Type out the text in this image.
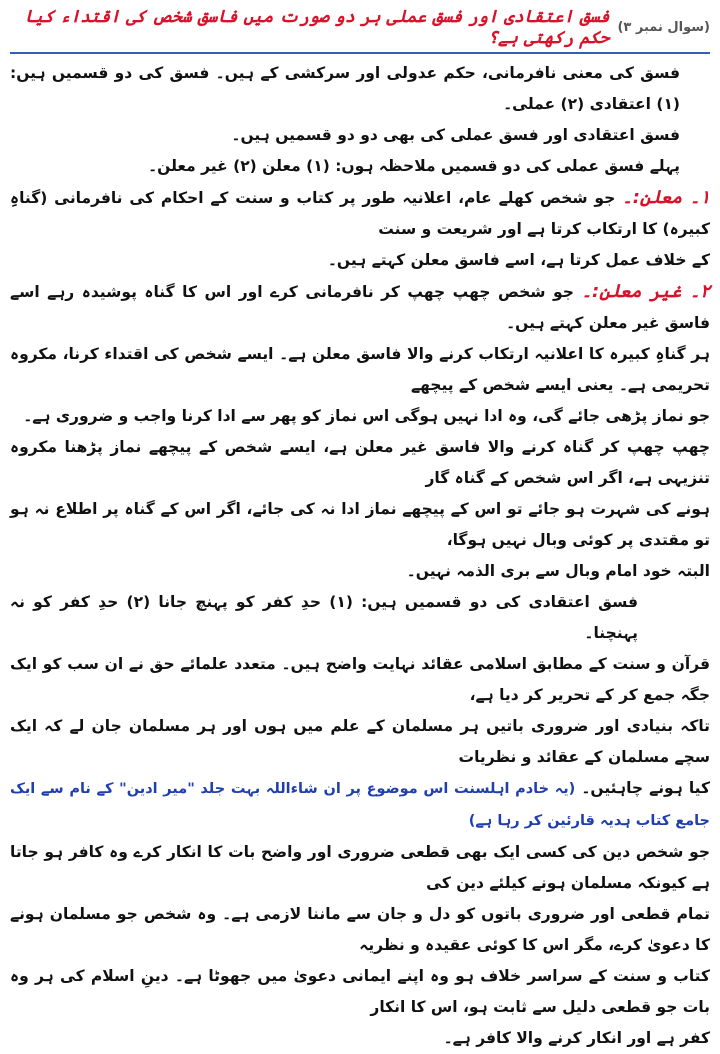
(سوال نمبر ۳)
فسق اعتقادی اور فسق عملی ہر دو صورت میں فاسق شخص کی اقتداء کیا حکم رکھتی ہے؟

فسق کی معنی نافرمانی، حکم عدولی اور سرکشی کے ہیں۔ فسق کی دو قسمیں ہیں: (۱) اعتقادی (۲) عملی۔

فسق اعتقادی اور فسق عملی کی بھی دو دو قسمیں ہیں۔

پہلے فسق عملی کی دو قسمیں ملاحظہ ہوں: (۱) معلن (۲) غیر معلن۔

۱۔ معلن:۔ جو شخص کھلے عام، اعلانیہ طور پر کتاب و سنت کے احکام کی نافرمانی (گناہِ کبیرہ) کا ارتکاب کرتا ہے اور شریعت و سنت

کے خلاف عمل کرتا ہے، اسے فاسق معلن کہتے ہیں۔

۲۔ غیر معلن:۔ جو شخص چھپ چھپ کر نافرمانی کرے اور اس کا گناہ پوشیدہ رہے اسے فاسق غیر معلن کہتے ہیں۔

ہر گناہِ کبیرہ کا اعلانیہ ارتکاب کرنے والا فاسق معلن ہے۔ ایسے شخص کی اقتداء کرنا، مکروہ تحریمی ہے۔ یعنی ایسے شخص کے پیچھے

جو نماز پڑھی جائے گی، وہ ادا نہیں ہوگی اس نماز کو پھر سے ادا کرنا واجب و ضروری ہے۔

چھپ چھپ کر گناہ کرنے والا فاسق غیر معلن ہے، ایسے شخص کے پیچھے نماز پڑھنا مکروہ تنزیہی ہے، اگر اس شخص کے گناہ گار

ہونے کی شہرت ہو جائے تو اس کے پیچھے نماز ادا نہ کی جائے، اگر اس کے گناہ پر اطلاع نہ ہو تو مقتدی پر کوئی وبال نہیں ہوگا،

البتہ خود امام وبال سے بری الذمہ نہیں۔

فسق اعتقادی کی دو قسمیں ہیں: (۱) حدِ کفر کو پہنچ جانا (۲) حدِ کفر کو نہ پہنچنا۔

قرآن و سنت کے مطابق اسلامی عقائد نہایت واضح ہیں۔ متعدد علمائے حق نے ان سب کو ایک جگہ جمع کر کے تحریر کر دیا ہے،

تاکہ بنیادی اور ضروری باتیں ہر مسلمان کے علم میں ہوں اور ہر مسلمان جان لے کہ ایک سچے مسلمان کے عقائد و نظریات

کیا ہونے چاہئیں۔ (یہ خادم اہلسنت اس موضوع پر ان شاءاللہ بہت جلد "میر ادین" کے نام سے ایک جامع کتاب ہدیہ قارئین کر رہا ہے)

جو شخص دین کی کسی ایک بھی قطعی ضروری اور واضح بات کا انکار کرے وہ کافر ہو جاتا ہے کیونکہ مسلمان ہونے کیلئے دین کی

تمام قطعی اور ضروری باتوں کو دل و جان سے ماننا لازمی ہے۔ وہ شخص جو مسلمان ہونے کا دعویٰ کرے، مگر اس کا کوئی عقیدہ و نظریہ

کتاب و سنت کے سراسر خلاف ہو وہ اپنے ایمانی دعویٰ میں جھوٹا ہے۔ دینِ اسلام کی ہر وہ بات جو قطعی دلیل سے ثابت ہو، اس کا انکار

کفر ہے اور انکار کرنے والا کافر ہے۔
